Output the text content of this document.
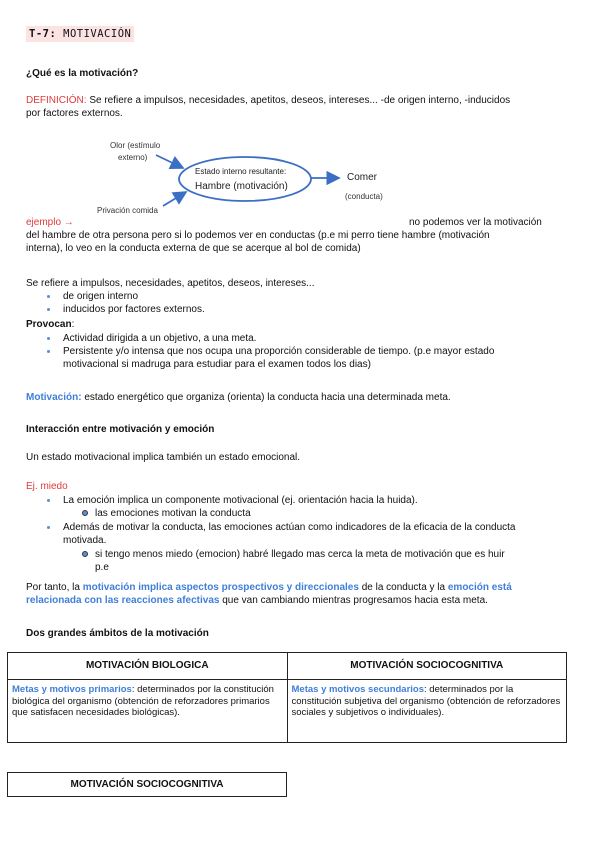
T-7: MOTIVACIÓN
¿Qué es la motivación?
DEFINICIÓN: Se refiere a impulsos, necesidades, apetitos, deseos, intereses... -de origen interno, -inducidos
por factores externos.
Olor (estímulo
externo)
Estado interno resultante:
Hambre (motivación)
Comer
(conducta)
Privación comida
ejemplo →	no podemos ver la motivación
del hambre de otra persona pero si lo podemos ver en conductas (p.e mi perro tiene hambre (motivación
interna), lo veo en la conducta externa de que se acerque al bol de comida)
Se refiere a impulsos, necesidades, apetitos, deseos, intereses...
de origen interno
inducidos por factores externos.
Provocan:
Actividad dirigida a un objetivo, a una meta.
Persistente y/o intensa que nos ocupa una proporción considerable de tiempo. (p.e mayor estado
motivacional si madruga para estudiar para el examen todos los dias)
Motivación: estado energético que organiza (orienta) la conducta hacia una determinada meta.
Interacción entre motivación y emoción
Un estado motivacional implica también un estado emocional.
Ej. miedo
La emoción implica un componente motivacional (ej. orientación hacia la huida).
las emociones motivan la conducta
Además de motivar la conducta, las emociones actúan como indicadores de la eficacia de la conducta
motivada.
si tengo menos miedo (emocion) habré llegado mas cerca la meta de motivación que es huir
p.e
Por tanto, la motivación implica aspectos prospectivos y direccionales de la conducta y la emoción está
relacionada con las reacciones afectivas que van cambiando mientras progresamos hacia esta meta.
Dos grandes ámbitos de la motivación
MOTIVACIÓN BIOLOGICA	MOTIVACIÓN SOCIOCOGNITIVA
Metas y motivos primarios: determinados por la constitución biológica del organismo (obtención de reforzadores primarios que satisfacen necesidades biológicas).	Metas y motivos secundarios: determinados por la constitución subjetiva del organismo (obtención de reforzadores sociales y subjetivos o individuales).
MOTIVACIÓN SOCIOCOGNITIVA
